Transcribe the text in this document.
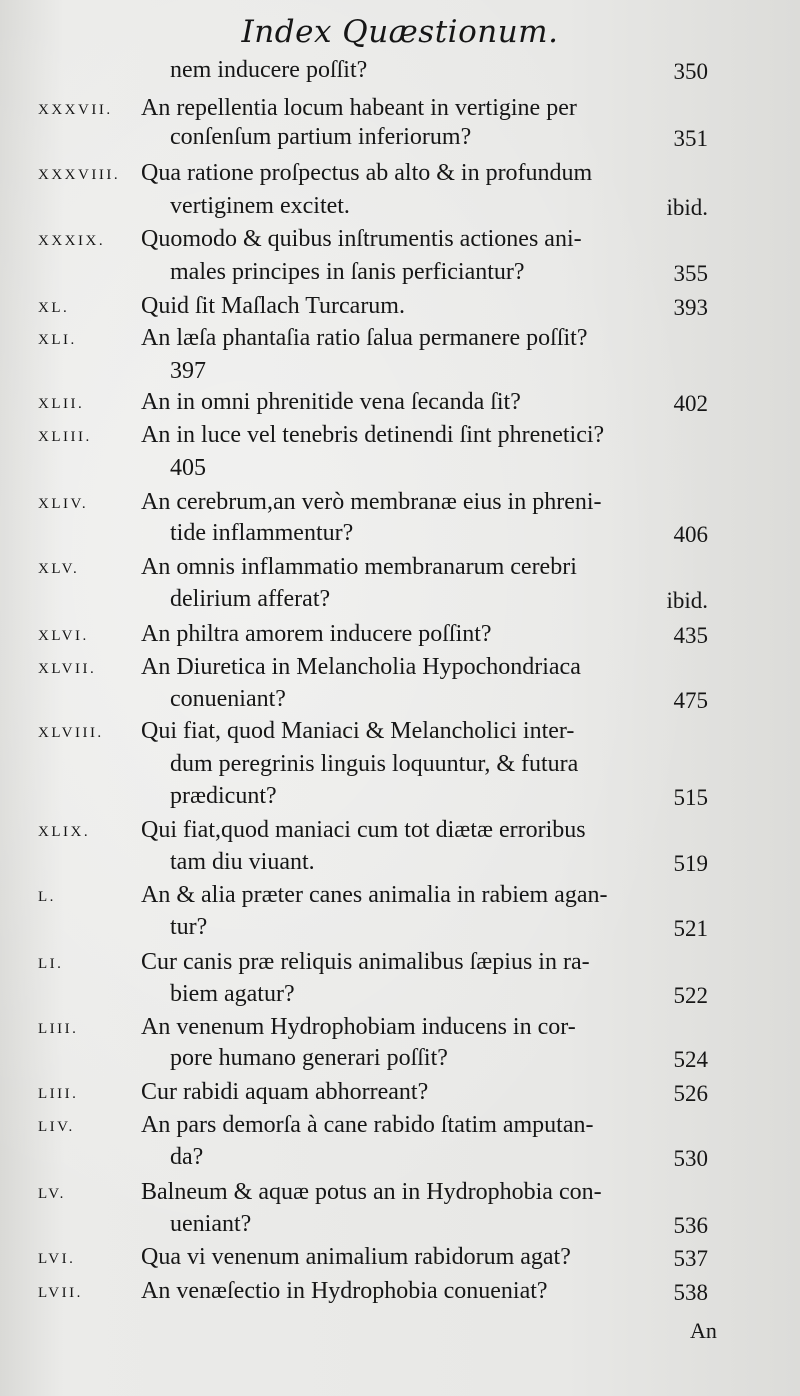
Index Quæstionum.
nem inducere poſſit?	350
XXXVII. An repellentia locum habeant in vertigine per
conſenſum partium inferiorum?	351
XXXVIII. Qua ratione proſpectus ab alto & in profundum
vertiginem excitet.	ibid.
XXXIX. Quomodo & quibus inſtrumentis actiones ani-
males principes in ſanis perficiantur?	355
XL.	Quid ſit Maſlach Turcarum.	393
XLI.	An læſa phantaſia ratio ſalua permanere poſſit?
397
XLII. An in omni phrenitide vena ſecanda ſit?	402
XLIII. An in luce vel tenebris detinendi ſint phrenetici?
405
XLIV. An cerebrum,an verò membranæ eius in phreni-
tide inflammentur?	406
XLV.	An omnis inflammatio membranarum cerebri
delirium afferat?	ibid.
XLVI. An philtra amorem inducere poſſint?	435
XLVII. An Diuretica in Melancholia Hypochondriaca
conueniant?	475
XLVIII. Qui fiat, quod Maniaci & Melancholici inter-
dum peregrinis linguis loquuntur, & futura
prædicunt?	515
XLIX. Qui fiat,quod maniaci cum tot diætæ erroribus
tam diu viuant.	519
L.	An & alia præter canes animalia in rabiem agan-
tur?	521
LI.	Cur canis præ reliquis animalibus ſæpius in ra-
biem agatur?	522
LIII.	An venenum Hydrophobiam inducens in cor-
pore humano generari poſſit?	524
LIII.	Cur rabidi aquam abhorreant?	526
LIV.	An pars demorſa à cane rabido ſtatim amputan-
da?	530
LV.	Balneum & aquæ potus an in Hydrophobia con-
ueniant?	536
LVI.	Qua vi venenum animalium rabidorum agat?	537
LVII. An venæſectio in Hydrophobia conueniat?	538
An
